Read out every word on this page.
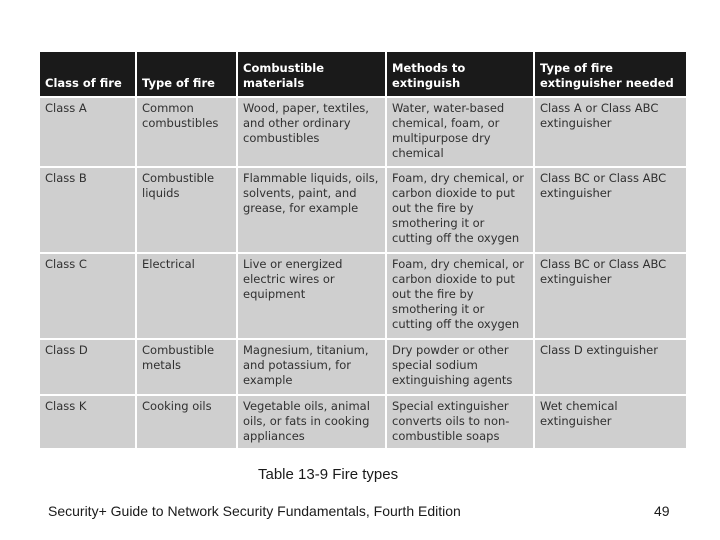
Class of fire	Type of fire	Combustible materials	Methods to extinguish	Type of fire extinguisher needed
Class A	Common combustibles	Wood, paper, textiles, and other ordinary combustibles	Water, water-based chemical, foam, or multipurpose dry chemical	Class A or Class ABC extinguisher
Class B	Combustible liquids	Flammable liquids, oils, solvents, paint, and grease, for example	Foam, dry chemical, or carbon dioxide to put out the fire by smothering it or cutting off the oxygen	Class BC or Class ABC extinguisher
Class C	Electrical	Live or energized electric wires or equipment	Foam, dry chemical, or carbon dioxide to put out the fire by smothering it or cutting off the oxygen	Class BC or Class ABC extinguisher
Class D	Combustible metals	Magnesium, titanium, and potassium, for example	Dry powder or other special sodium extinguishing agents	Class D extinguisher
Class K	Cooking oils	Vegetable oils, animal oils, or fats in cooking appliances	Special extinguisher converts oils to non-combustible soaps	Wet chemical extinguisher
Table 13-9 Fire types
Security+ Guide to Network Security Fundamentals, Fourth Edition	49
